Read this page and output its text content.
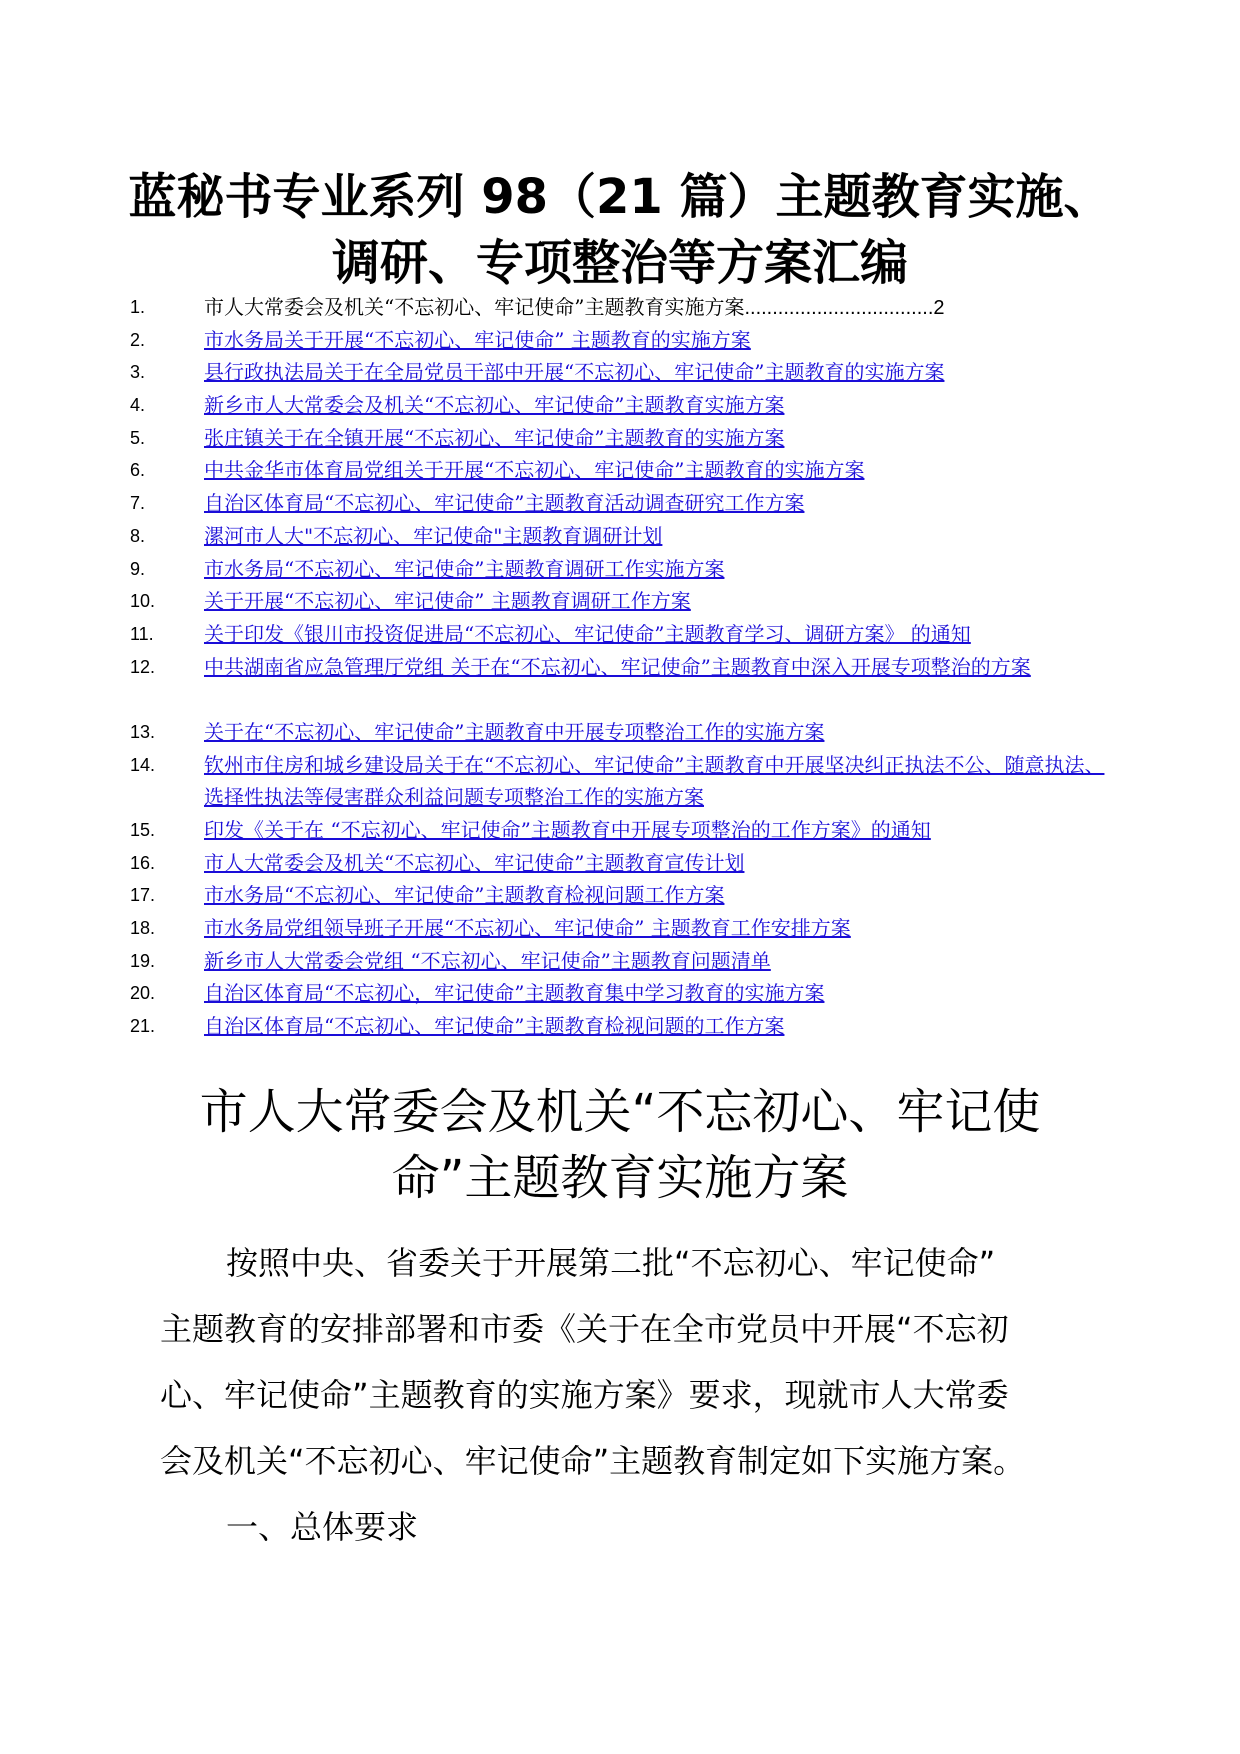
蓝秘书专业系列 98（21 篇）主题教育实施、
调研、专项整治等方案汇编
1.	市人大常委会及机关“不忘初心、牢记使命”主题教育实施方案..................................2
2.	市水务局关于开展“不忘初心、牢记使命” 主题教育的实施方案
3.	县行政执法局关于在全局党员干部中开展“不忘初心、牢记使命”主题教育的实施方案
4.	新乡市人大常委会及机关“不忘初心、牢记使命”主题教育实施方案
5.	张庄镇关于在全镇开展“不忘初心、牢记使命”主题教育的实施方案
6.	中共金华市体育局党组关于开展“不忘初心、牢记使命”主题教育的实施方案
7.	自治区体育局“不忘初心、牢记使命”主题教育活动调查研究工作方案
8.	漯河市人大"不忘初心、牢记使命"主题教育调研计划
9.	市水务局“不忘初心、牢记使命”主题教育调研工作实施方案
10.	关于开展“不忘初心、牢记使命” 主题教育调研工作方案
11.	关于印发《银川市投资促进局“不忘初心、牢记使命”主题教育学习、调研方案》 的通知
12.	中共湖南省应急管理厅党组 关于在“不忘初心、牢记使命”主题教育中深入开展专项整治的方案
13.	关于在“不忘初心、牢记使命”主题教育中开展专项整治工作的实施方案
14.	钦州市住房和城乡建设局关于在“不忘初心、牢记使命”主题教育中开展坚决纠正执法不公、随意执法、选择性执法等侵害群众利益问题专项整治工作的实施方案
15.	印发《关于在 “不忘初心、牢记使命”主题教育中开展专项整治的工作方案》的通知
16.	市人大常委会及机关“不忘初心、牢记使命”主题教育宣传计划
17.	市水务局“不忘初心、牢记使命”主题教育检视问题工作方案
18.	市水务局党组领导班子开展“不忘初心、牢记使命” 主题教育工作安排方案
19.	新乡市人大常委会党组 “不忘初心、牢记使命”主题教育问题清单
20.	自治区体育局“不忘初心，牢记使命”主题教育集中学习教育的实施方案
21.	自治区体育局“不忘初心、牢记使命”主题教育检视问题的工作方案
市人大常委会及机关“不忘初心、牢记使
命”主题教育实施方案
按照中央、省委关于开展第二批“不忘初心、牢记使命”
主题教育的安排部署和市委《关于在全市党员中开展“不忘初
心、牢记使命”主题教育的实施方案》要求，现就市人大常委
会及机关“不忘初心、牢记使命”主题教育制定如下实施方案。
一、总体要求
